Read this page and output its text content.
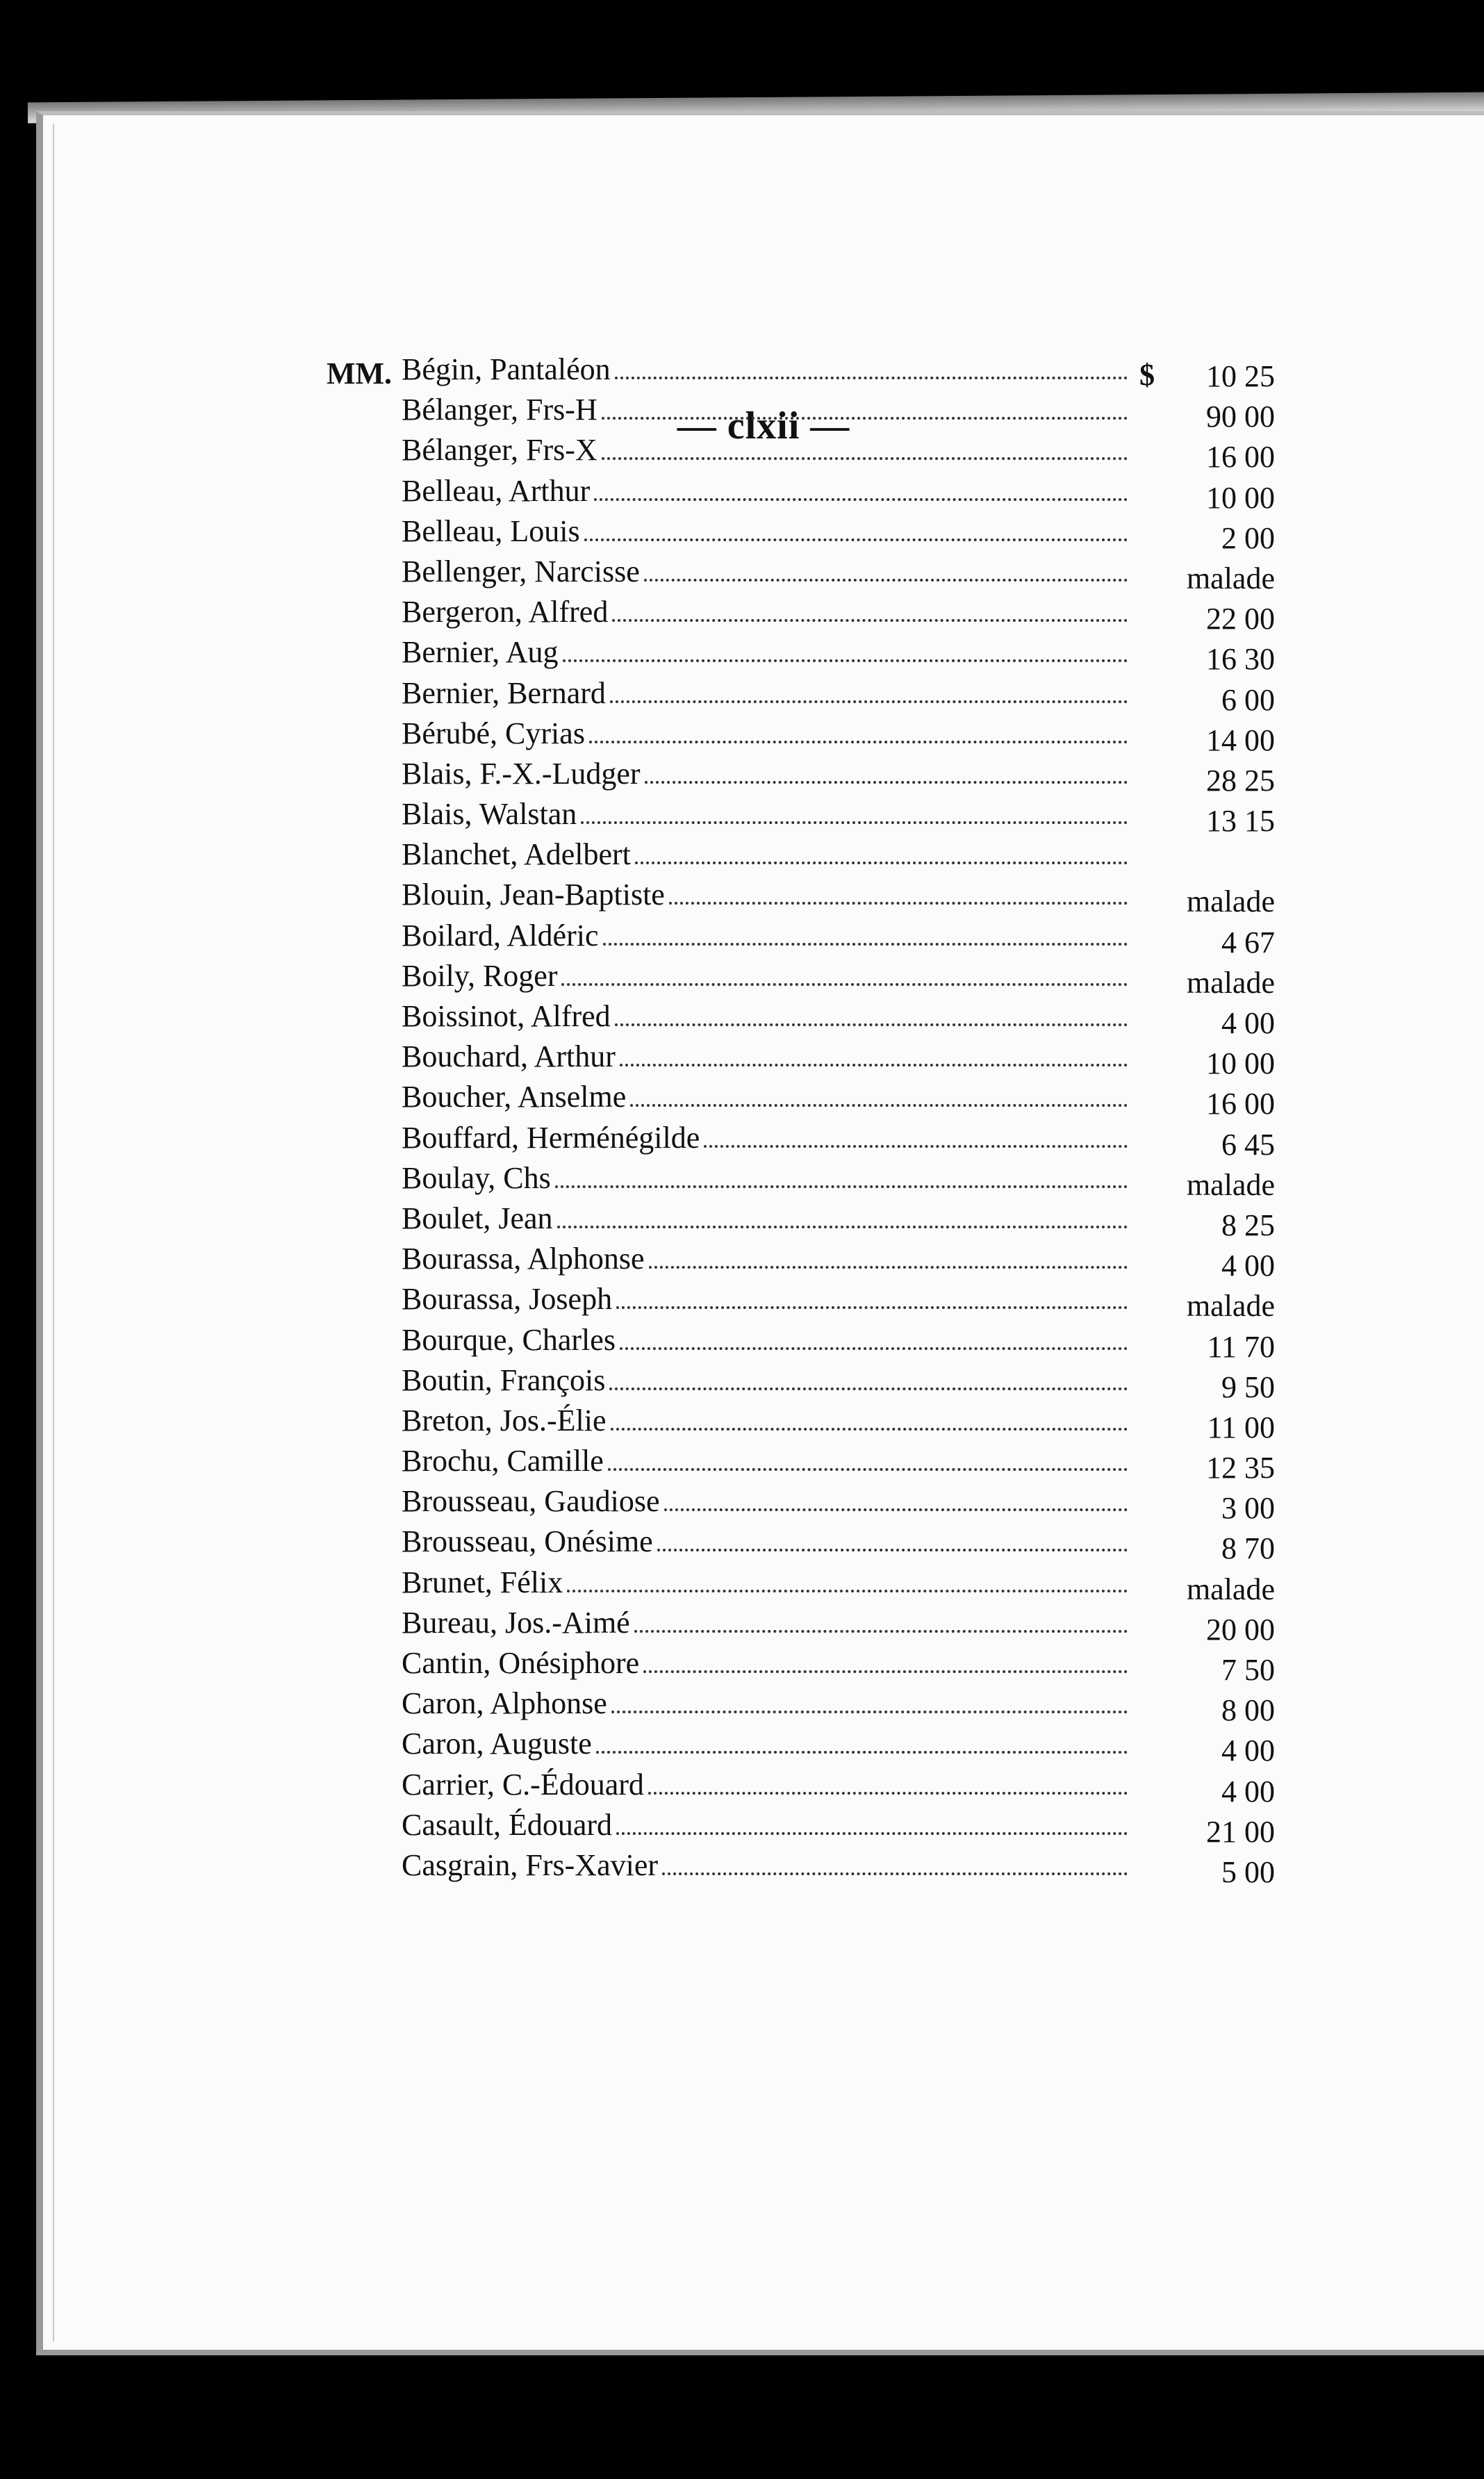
— clxii —
MM. Bégin, Pantaléon	$	10 25
Bélanger, Frs-H	90 00
Bélanger, Frs-X	16 00
Belleau, Arthur	10 00
Belleau, Louis	2 00
Bellenger, Narcisse	malade
Bergeron, Alfred	22 00
Bernier, Aug	16 30
Bernier, Bernard	6 00
Bérubé, Cyrias	14 00
Blais, F.-X.-Ludger	28 25
Blais, Walstan	13 15
Blanchet, Adelbert
Blouin, Jean-Baptiste	malade
Boilard, Aldéric	4 67
Boily, Roger	malade
Boissinot, Alfred	4 00
Bouchard, Arthur	10 00
Boucher, Anselme	16 00
Bouffard, Herménégilde	6 45
Boulay, Chs	malade
Boulet, Jean	8 25
Bourassa, Alphonse	4 00
Bourassa, Joseph	malade
Bourque, Charles	11 70
Boutin, François	9 50
Breton, Jos.-Élie	11 00
Brochu, Camille	12 35
Brousseau, Gaudiose	3 00
Brousseau, Onésime	8 70
Brunet, Félix	malade
Bureau, Jos.-Aimé	20 00
Cantin, Onésiphore	7 50
Caron, Alphonse	8 00
Caron, Auguste	4 00
Carrier, C.-Édouard	4 00
Casault, Édouard	21 00
Casgrain, Frs-Xavier	5 00
